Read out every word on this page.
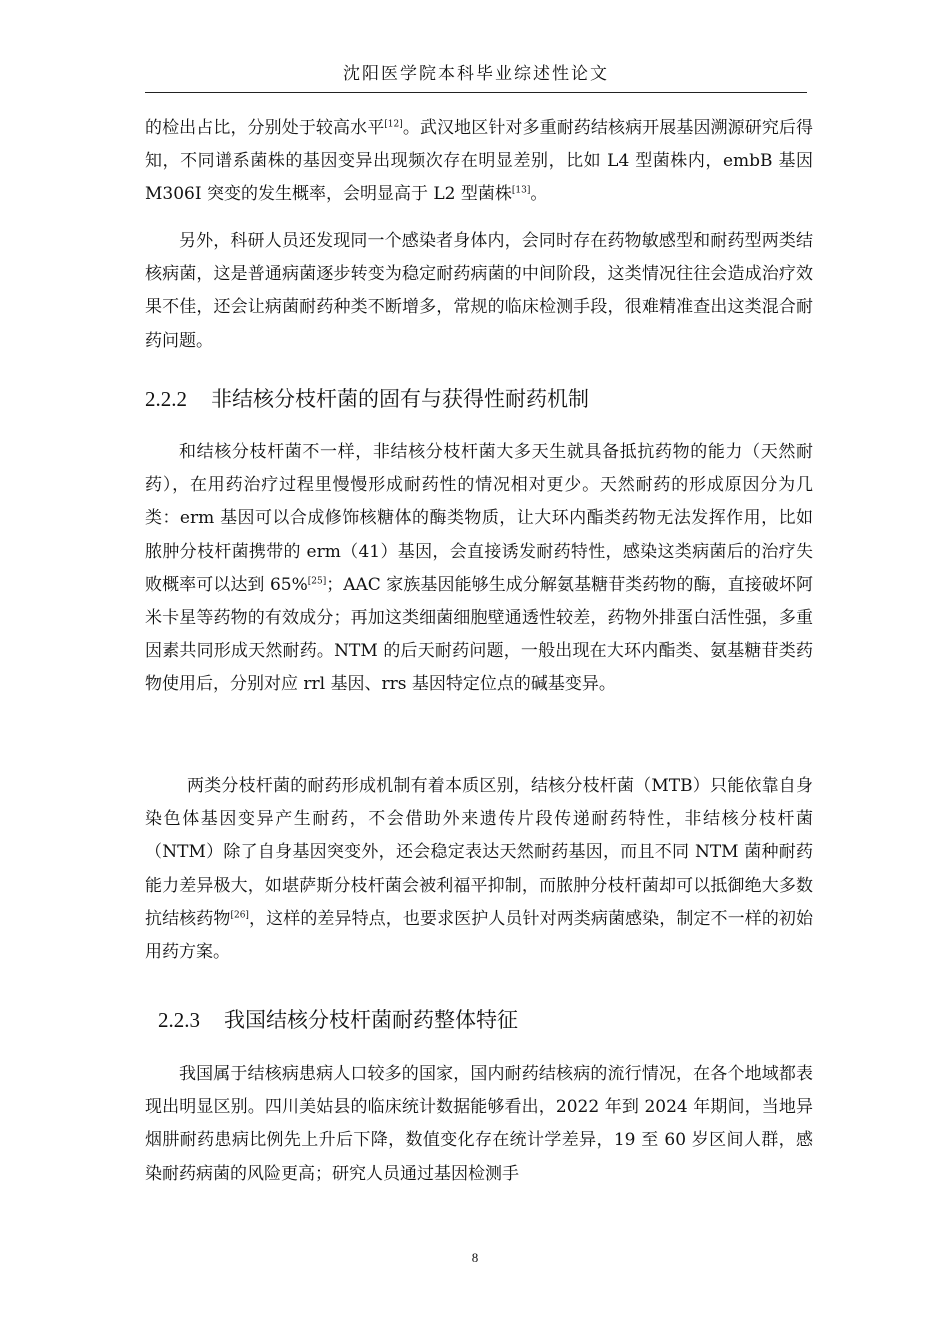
沈阳医学院本科毕业综述性论文

的检出占比，分别处于较高水平[12]。武汉地区针对多重耐药结核病开展基因溯源研究后得知，不同谱系菌株的基因变异出现频次存在明显差别，比如 L4 型菌株内，embB 基因 M306I 突变的发生概率，会明显高于 L2 型菌株[13]。

另外，科研人员还发现同一个感染者身体内，会同时存在药物敏感型和耐药型两类结核病菌，这是普通病菌逐步转变为稳定耐药病菌的中间阶段，这类情况往往会造成治疗效果不佳，还会让病菌耐药种类不断增多，常规的临床检测手段，很难精准查出这类混合耐药问题。

2.2.2 非结核分枝杆菌的固有与获得性耐药机制

和结核分枝杆菌不一样，非结核分枝杆菌大多天生就具备抵抗药物的能力（天然耐药），在用药治疗过程里慢慢形成耐药性的情况相对更少。天然耐药的形成原因分为几类：erm 基因可以合成修饰核糖体的酶类物质，让大环内酯类药物无法发挥作用，比如脓肿分枝杆菌携带的 erm（41）基因，会直接诱发耐药特性，感染这类病菌后的治疗失败概率可以达到 65%[25]；AAC 家族基因能够生成分解氨基糖苷类药物的酶，直接破坏阿米卡星等药物的有效成分；再加这类细菌细胞壁通透性较差，药物外排蛋白活性强，多重因素共同形成天然耐药。NTM 的后天耐药问题，一般出现在大环内酯类、氨基糖苷类药物使用后，分别对应 rrl 基因、rrs 基因特定位点的碱基变异。

两类分枝杆菌的耐药形成机制有着本质区别，结核分枝杆菌（MTB）只能依靠自身染色体基因变异产生耐药，不会借助外来遗传片段传递耐药特性，非结核分枝杆菌（NTM）除了自身基因突变外，还会稳定表达天然耐药基因，而且不同 NTM 菌种耐药能力差异极大，如堪萨斯分枝杆菌会被利福平抑制，而脓肿分枝杆菌却可以抵御绝大多数抗结核药物[26]，这样的差异特点，也要求医护人员针对两类病菌感染，制定不一样的初始用药方案。

2.2.3 我国结核分枝杆菌耐药整体特征

我国属于结核病患病人口较多的国家，国内耐药结核病的流行情况，在各个地域都表现出明显区别。四川美姑县的临床统计数据能够看出，2022 年到 2024 年期间，当地异烟肼耐药患病比例先上升后下降，数值变化存在统计学差异，19 至 60 岁区间人群，感染耐药病菌的风险更高；研究人员通过基因检测手

8
